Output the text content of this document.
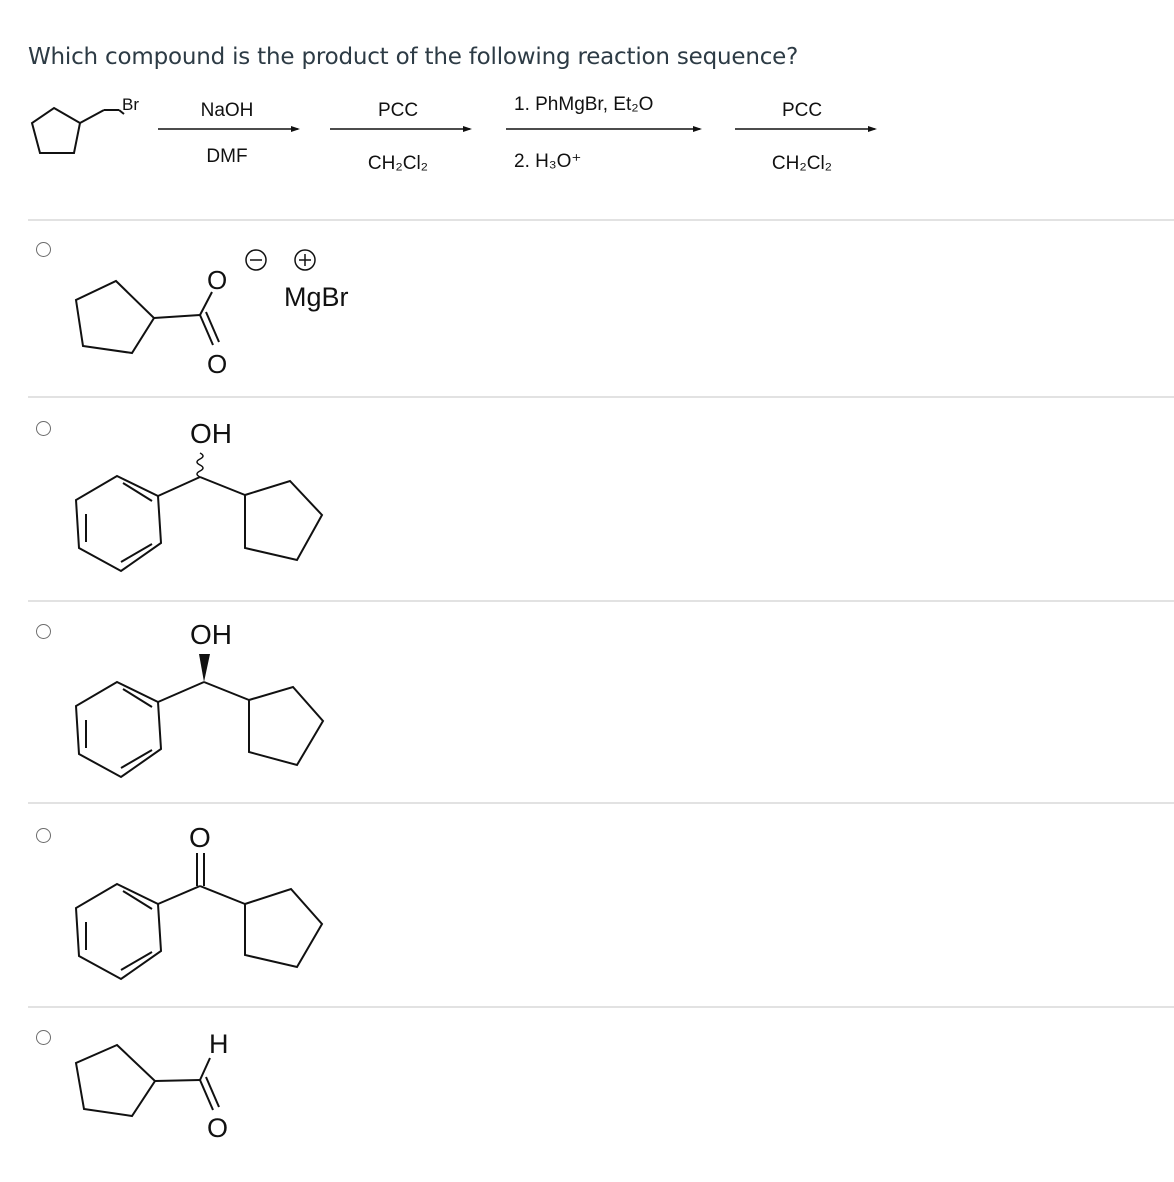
Which compound is the product of the following reaction sequence?
Br	NaOH
DMF
PCC
CH₂Cl₂
1. PhMgBr, Et₂O
2. H₃O⁺
PCC
CH₂Cl₂
O
O
MgBr
OH
OH
O
H
O
